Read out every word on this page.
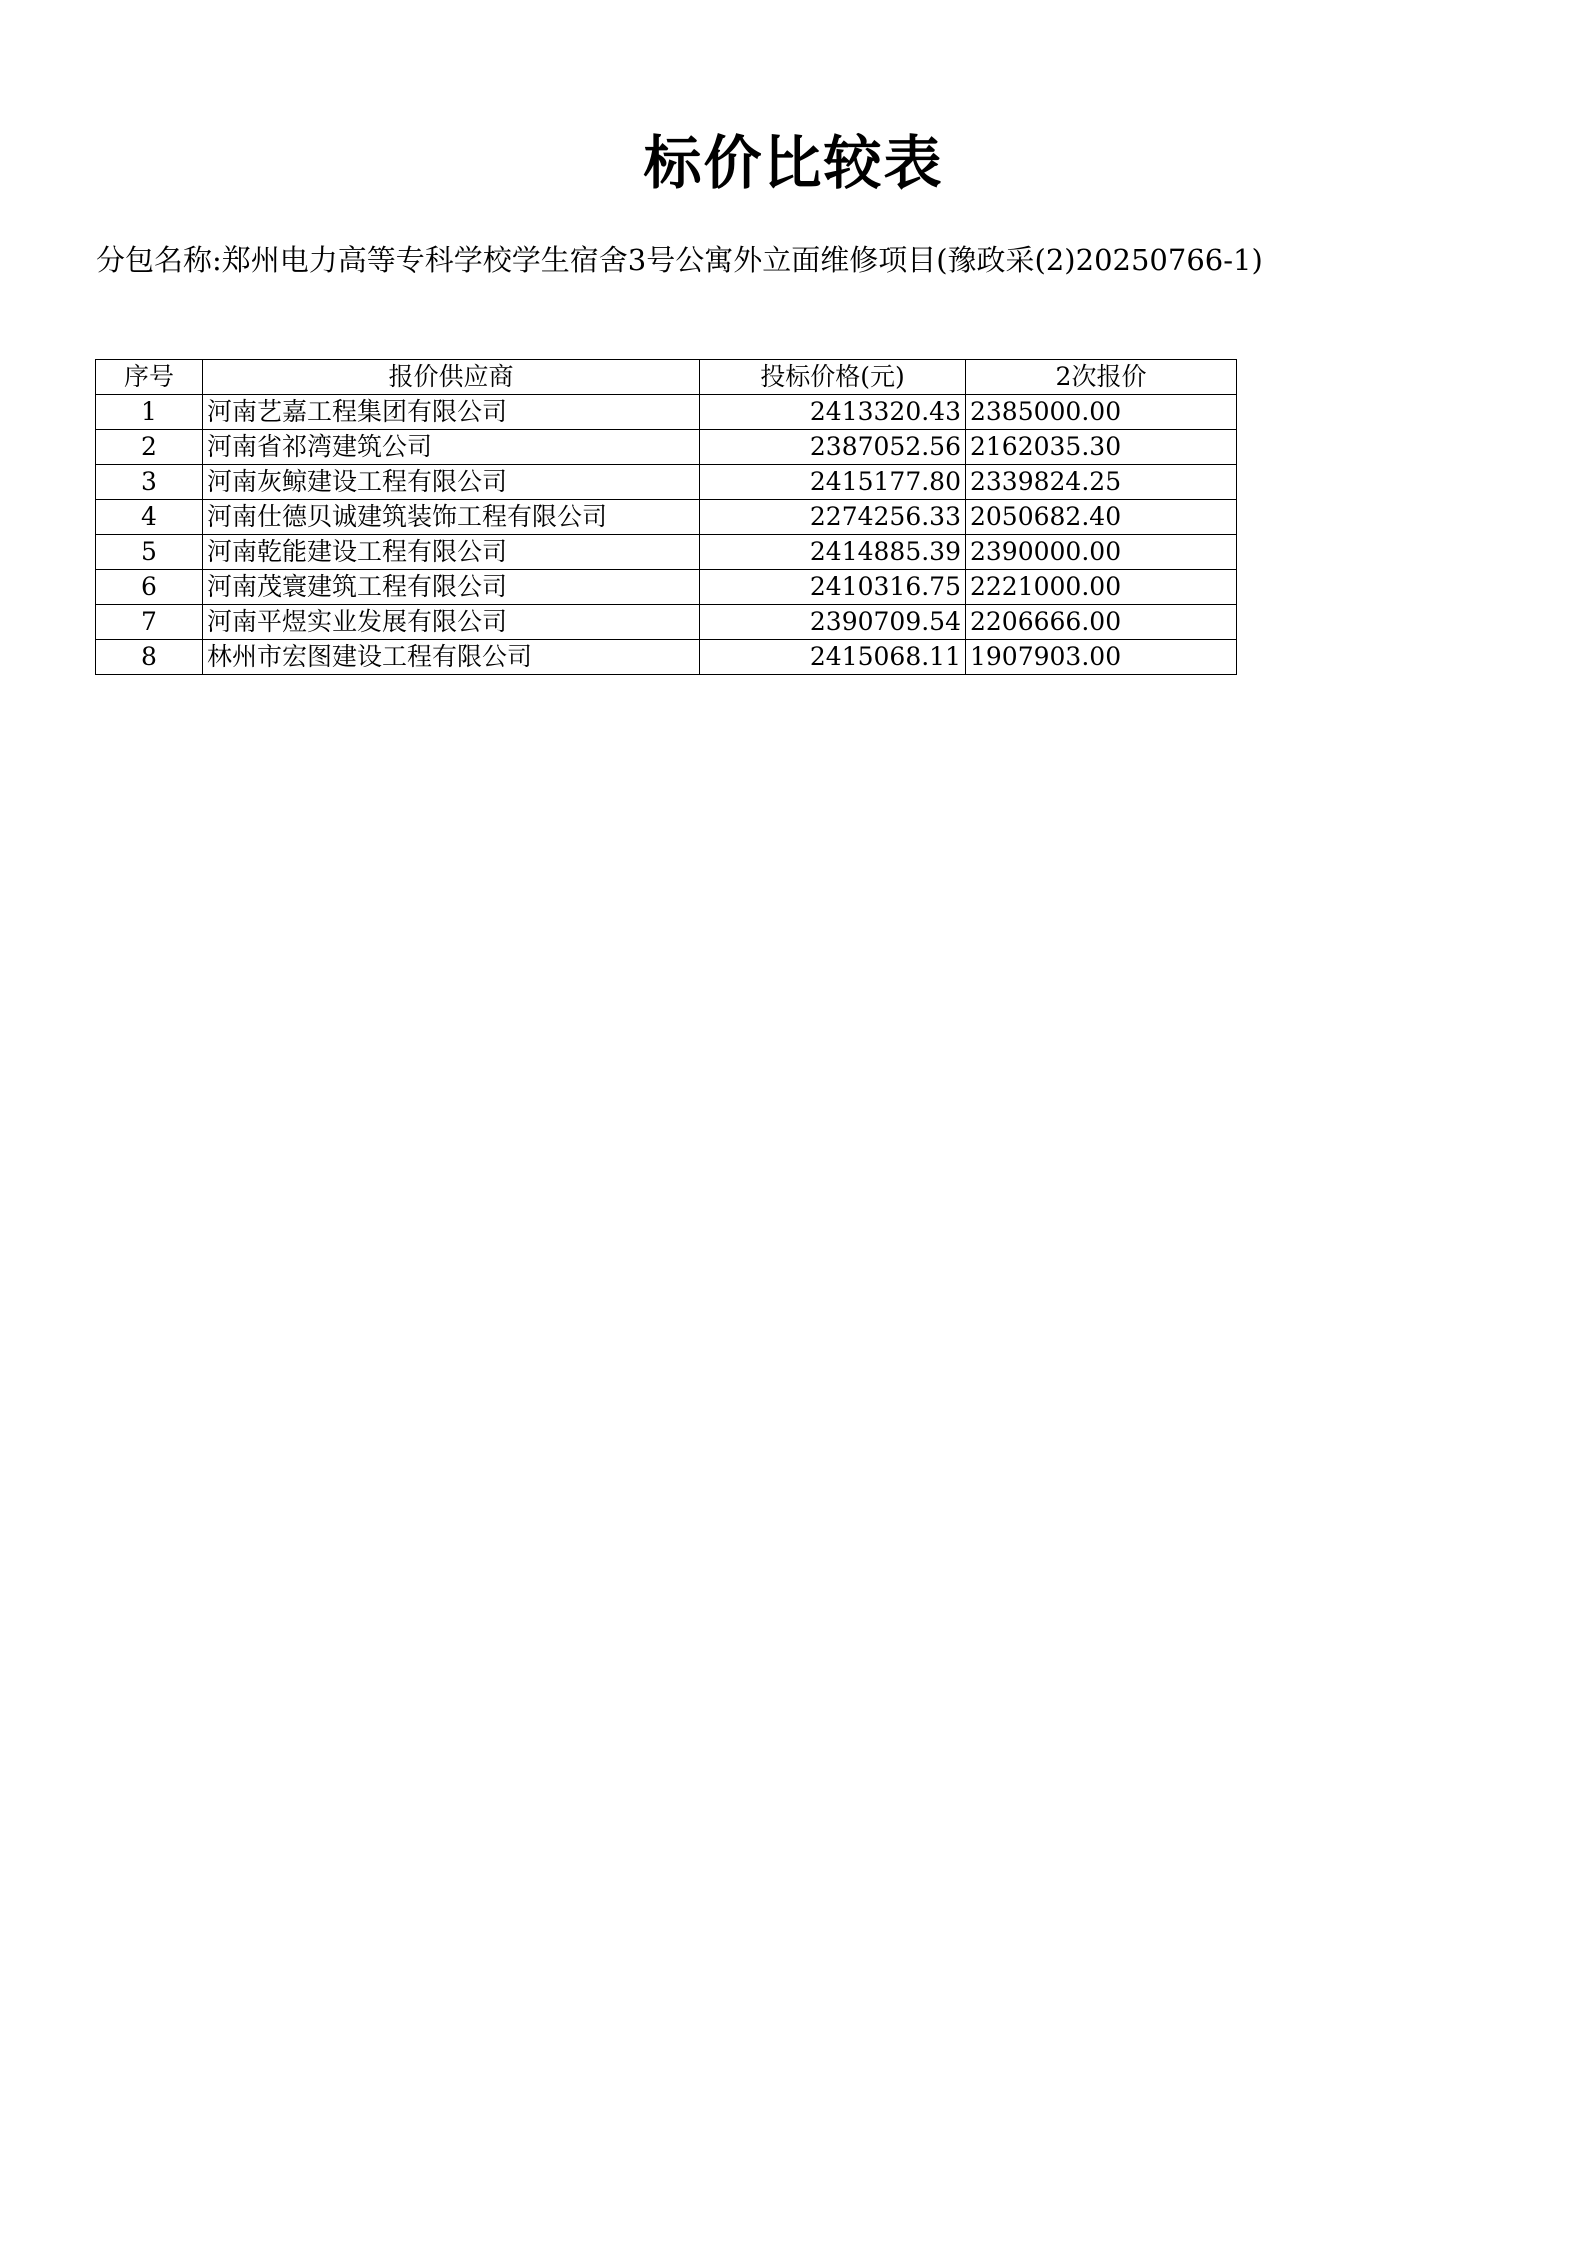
标价比较表
分包名称:郑州电力高等专科学校学生宿舍3号公寓外立面维修项目(豫政采(2)20250766-1)
序号	报价供应商	投标价格(元)	2次报价
1	河南艺嘉工程集团有限公司	2413320.43	2385000.00
2	河南省祁湾建筑公司	2387052.56	2162035.30
3	河南灰鲸建设工程有限公司	2415177.80	2339824.25
4	河南仕德贝诚建筑装饰工程有限公司	2274256.33	2050682.40
5	河南乾能建设工程有限公司	2414885.39	2390000.00
6	河南茂寰建筑工程有限公司	2410316.75	2221000.00
7	河南平煜实业发展有限公司	2390709.54	2206666.00
8	林州市宏图建设工程有限公司	2415068.11	1907903.00
